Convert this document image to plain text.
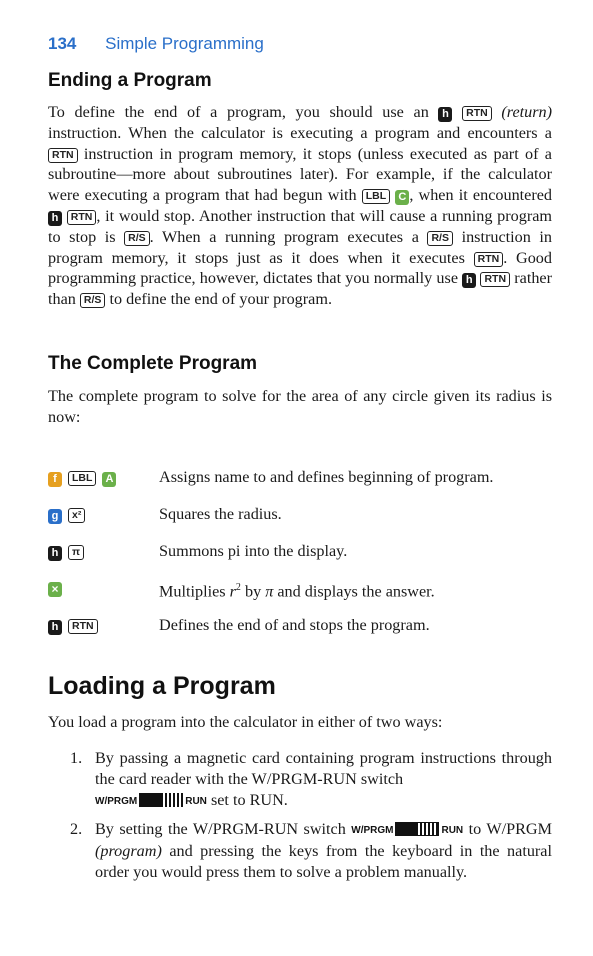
134 Simple Programming
Ending a Program
To define the end of a program, you should use an h RTN (return) instruction. When the calculator is executing a program and encounters a RTN instruction in program memory, it stops (unless executed as part of a subroutine—more about subroutines later). For example, if the calculator were executing a program that had begun with LBL C , when it encountered h RTN , it would stop. Another instruction that will cause a running program to stop is R/S . When a running program executes a R/S instruction in program memory, it stops just as it does when it executes RTN . Good programming practice, however, dictates that you normally use h RTN rather than R/S to define the end of your program.
The Complete Program
The complete program to solve for the area of any circle given its radius is now:
f LBL A	Assigns name to and defines beginning of program.
g x²	Squares the radius.
h π	Summons pi into the display.
×	Multiplies $r^2$ by π and displays the answer.
h RTN	Defines the end of and stops the program.
Loading a Program
You load a program into the calculator in either of two ways:
1. By passing a magnetic card containing program instructions through the card reader with the W/PRGM-RUN switch
W/PRGM	RUN set to RUN.
2. By setting the W/PRGM-RUN switch W/PRGM	RUN to W/PRGM (program) and pressing the keys from the keyboard in the natural order you would press them to solve a problem manually.
